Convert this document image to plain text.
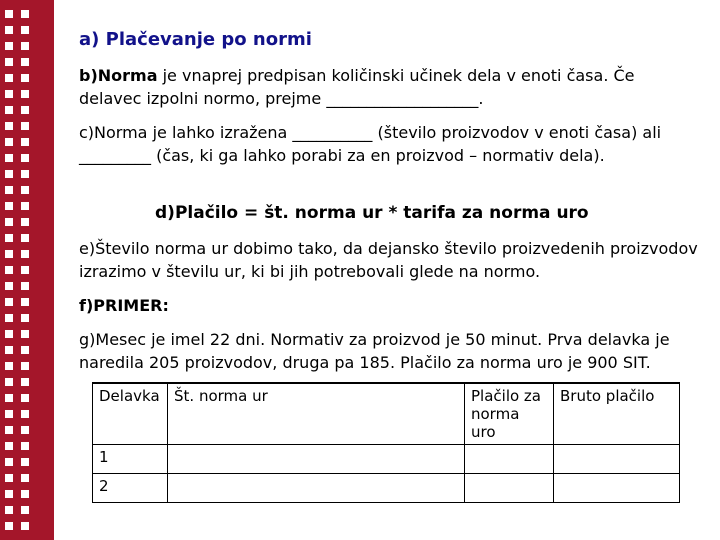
a) Plačevanje po normi
b)Norma je vnaprej predpisan količinski učinek dela v enoti časa. Če delavec izpolni normo, prejme ___________________.
c)Norma je lahko izražena __________ (število proizvodov v enoti časa) ali _________ (čas, ki ga lahko porabi za en proizvod – normativ dela).
d)Plačilo = št. norma ur * tarifa za norma uro
e)Število norma ur dobimo tako, da dejansko število proizvedenih proizvodov izrazimo v številu ur, ki bi jih potrebovali glede na normo.
f)PRIMER:
g)Mesec je imel 22 dni. Normativ za proizvod je 50 minut. Prva delavka je naredila 205 proizvodov, druga pa 185. Plačilo za norma uro je 900 SIT.
Delavka	Št. norma ur	Plačilo za norma uro	Bruto plačilo
1			
2			
